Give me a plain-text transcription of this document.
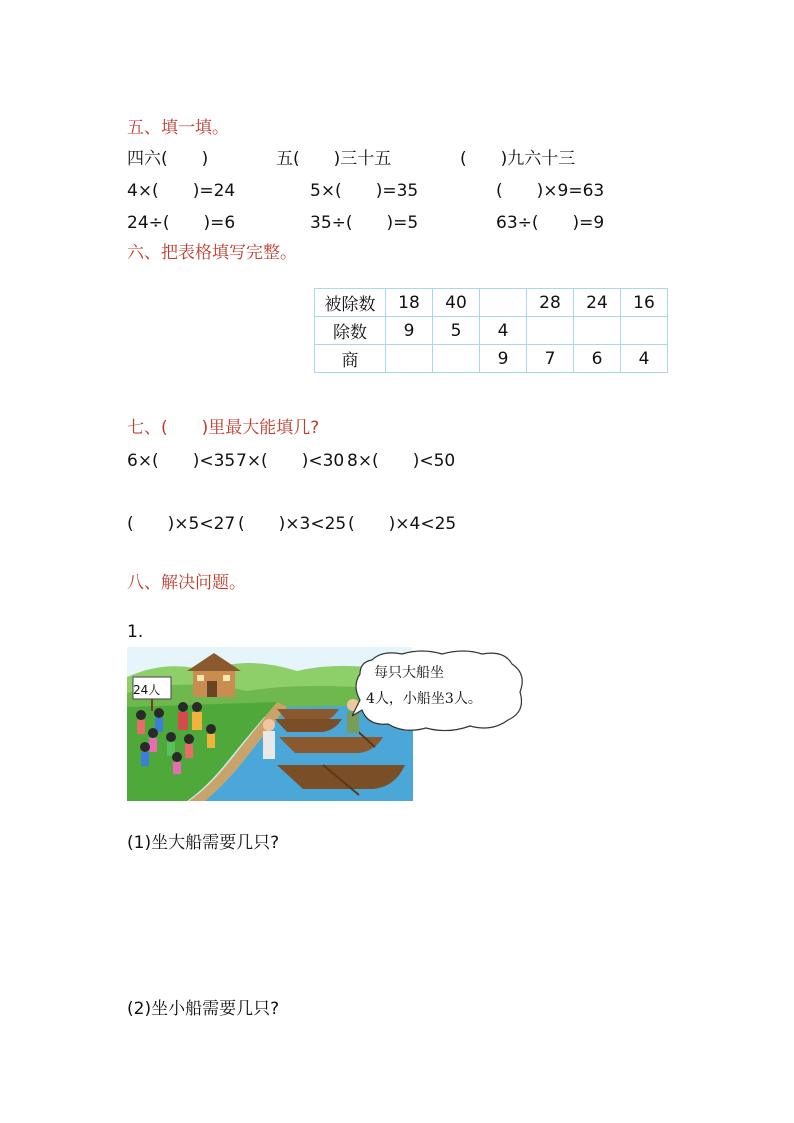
五、填一填。
四六(　　)	五(　　)三十五	(　　)九六十三
4×(　　)=24	5×(　　)=35	(　　)×9=63
24÷(　　)=6	35÷(　　)=5	63÷(　　)=9
六、把表格填写完整。
被除数	18	40		28	24	16
除数	9	5	4			
商			9	7	6	4
七、(　　)里最大能填几?
6×(　　)<35 7×(　　)<30 8×(　　)<50
(　　)×5<27 (　　)×3<25 (　　)×4<25
八、解决问题。
1.
24人
每只大船坐
4人，小船坐3人。
(1)坐大船需要几只?
(2)坐小船需要几只?
